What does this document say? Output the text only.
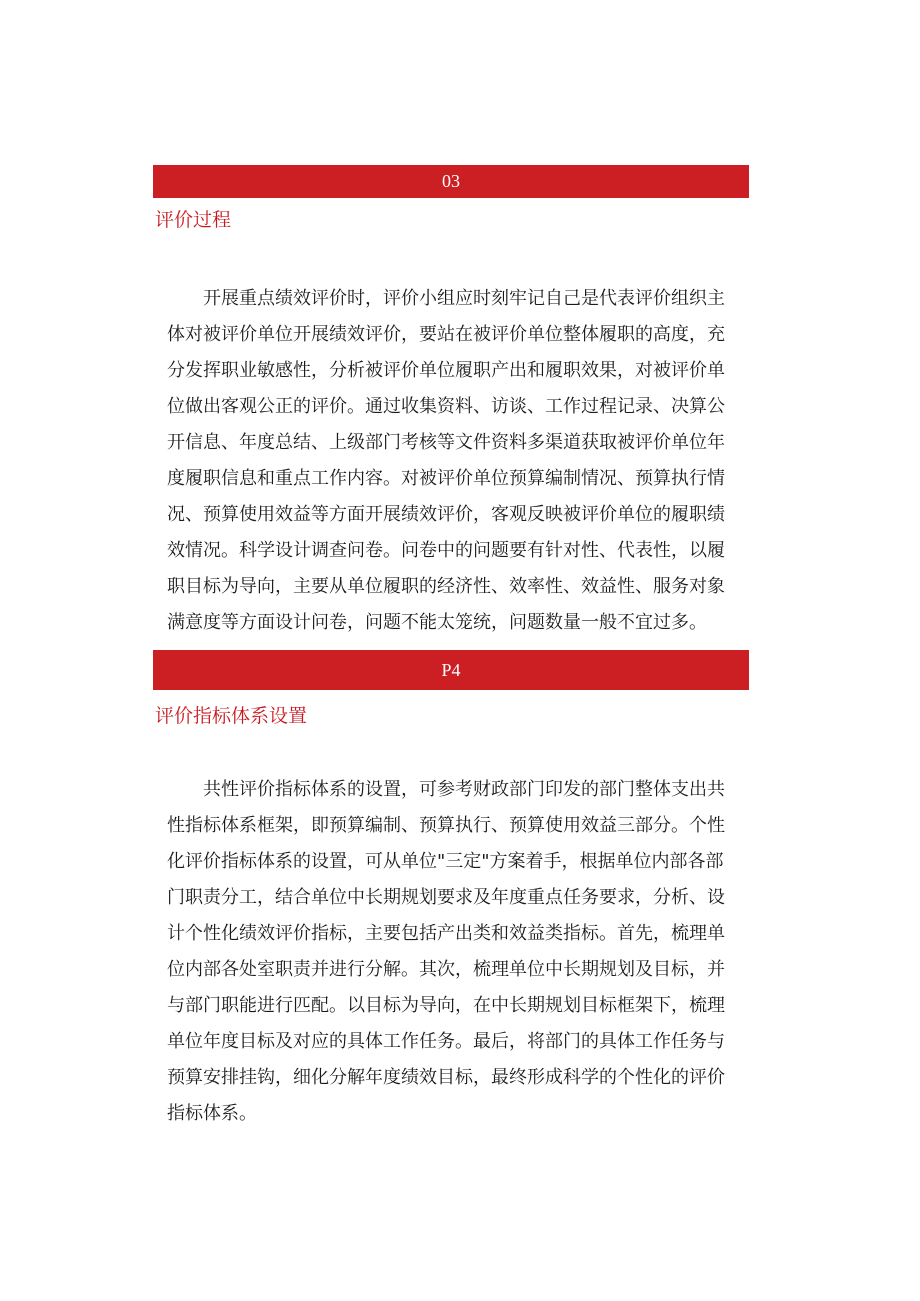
03
评价过程
开展重点绩效评价时，评价小组应时刻牢记自己是代表评价组织主
体对被评价单位开展绩效评价，要站在被评价单位整体履职的高度，充
分发挥职业敏感性，分析被评价单位履职产出和履职效果，对被评价单
位做出客观公正的评价。通过收集资料、访谈、工作过程记录、决算公
开信息、年度总结、上级部门考核等文件资料多渠道获取被评价单位年
度履职信息和重点工作内容。对被评价单位预算编制情况、预算执行情
况、预算使用效益等方面开展绩效评价，客观反映被评价单位的履职绩
效情况。科学设计调查问卷。问卷中的问题要有针对性、代表性，以履
职目标为导向，主要从单位履职的经济性、效率性、效益性、服务对象
满意度等方面设计问卷，问题不能太笼统，问题数量一般不宜过多。
P4
评价指标体系设置
共性评价指标体系的设置，可参考财政部门印发的部门整体支出共
性指标体系框架，即预算编制、预算执行、预算使用效益三部分。个性
化评价指标体系的设置，可从单位"三定"方案着手，根据单位内部各部
门职责分工，结合单位中长期规划要求及年度重点任务要求，分析、设
计个性化绩效评价指标，主要包括产出类和效益类指标。首先，梳理单
位内部各处室职责并进行分解。其次，梳理单位中长期规划及目标，并
与部门职能进行匹配。以目标为导向，在中长期规划目标框架下，梳理
单位年度目标及对应的具体工作任务。最后，将部门的具体工作任务与
预算安排挂钩，细化分解年度绩效目标，最终形成科学的个性化的评价
指标体系。
